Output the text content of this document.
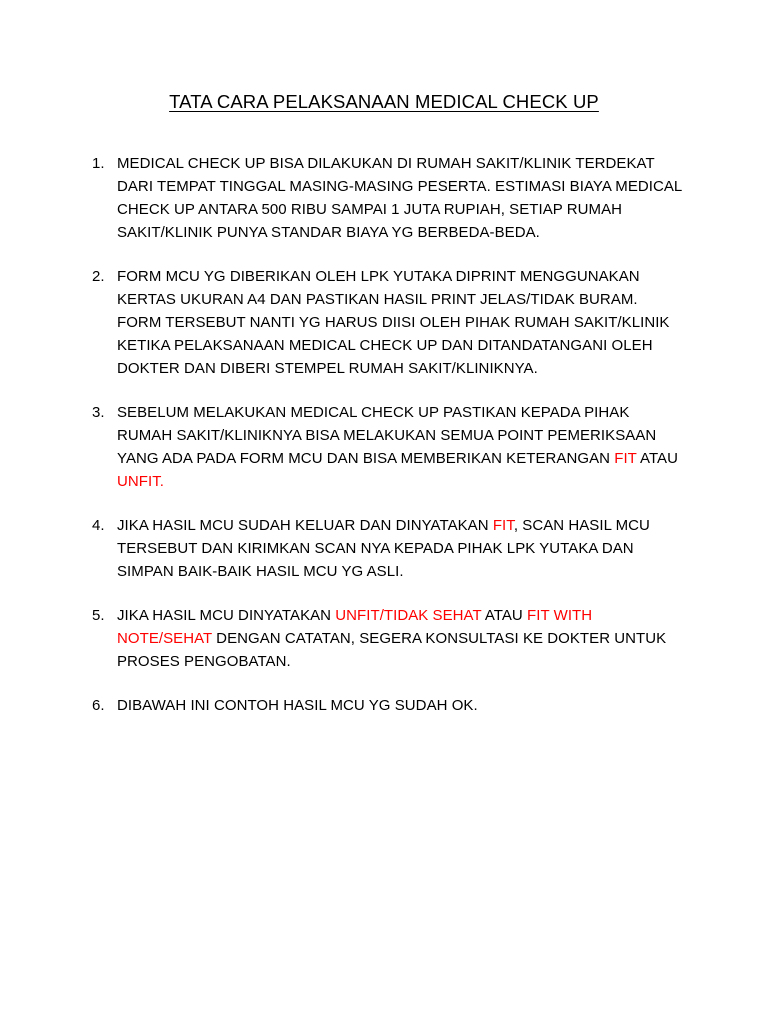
TATA CARA PELAKSANAAN MEDICAL CHECK UP
1. MEDICAL CHECK UP BISA DILAKUKAN DI RUMAH SAKIT/KLINIK TERDEKAT DARI TEMPAT TINGGAL MASING-MASING PESERTA. ESTIMASI BIAYA MEDICAL CHECK UP ANTARA 500 RIBU SAMPAI 1 JUTA RUPIAH, SETIAP RUMAH SAKIT/KLINIK PUNYA STANDAR BIAYA YG BERBEDA-BEDA.
2. FORM MCU YG DIBERIKAN OLEH LPK YUTAKA DIPRINT MENGGUNAKAN KERTAS UKURAN A4 DAN PASTIKAN HASIL PRINT JELAS/TIDAK BURAM. FORM TERSEBUT NANTI YG HARUS DIISI OLEH PIHAK RUMAH SAKIT/KLINIK KETIKA PELAKSANAAN MEDICAL CHECK UP DAN DITANDATANGANI OLEH DOKTER DAN DIBERI STEMPEL RUMAH SAKIT/KLINIKNYA.
3. SEBELUM MELAKUKAN MEDICAL CHECK UP PASTIKAN KEPADA PIHAK RUMAH SAKIT/KLINIKNYA BISA MELAKUKAN SEMUA POINT PEMERIKSAAN YANG ADA PADA FORM MCU DAN BISA MEMBERIKAN KETERANGAN FIT ATAU UNFIT.
4. JIKA HASIL MCU SUDAH KELUAR DAN DINYATAKAN FIT, SCAN HASIL MCU TERSEBUT DAN KIRIMKAN SCAN NYA KEPADA PIHAK LPK YUTAKA DAN SIMPAN BAIK-BAIK HASIL MCU YG ASLI.
5. JIKA HASIL MCU DINYATAKAN UNFIT/TIDAK SEHAT ATAU FIT WITH NOTE/SEHAT DENGAN CATATAN, SEGERA KONSULTASI KE DOKTER UNTUK PROSES PENGOBATAN.
6. DIBAWAH INI CONTOH HASIL MCU YG SUDAH OK.
